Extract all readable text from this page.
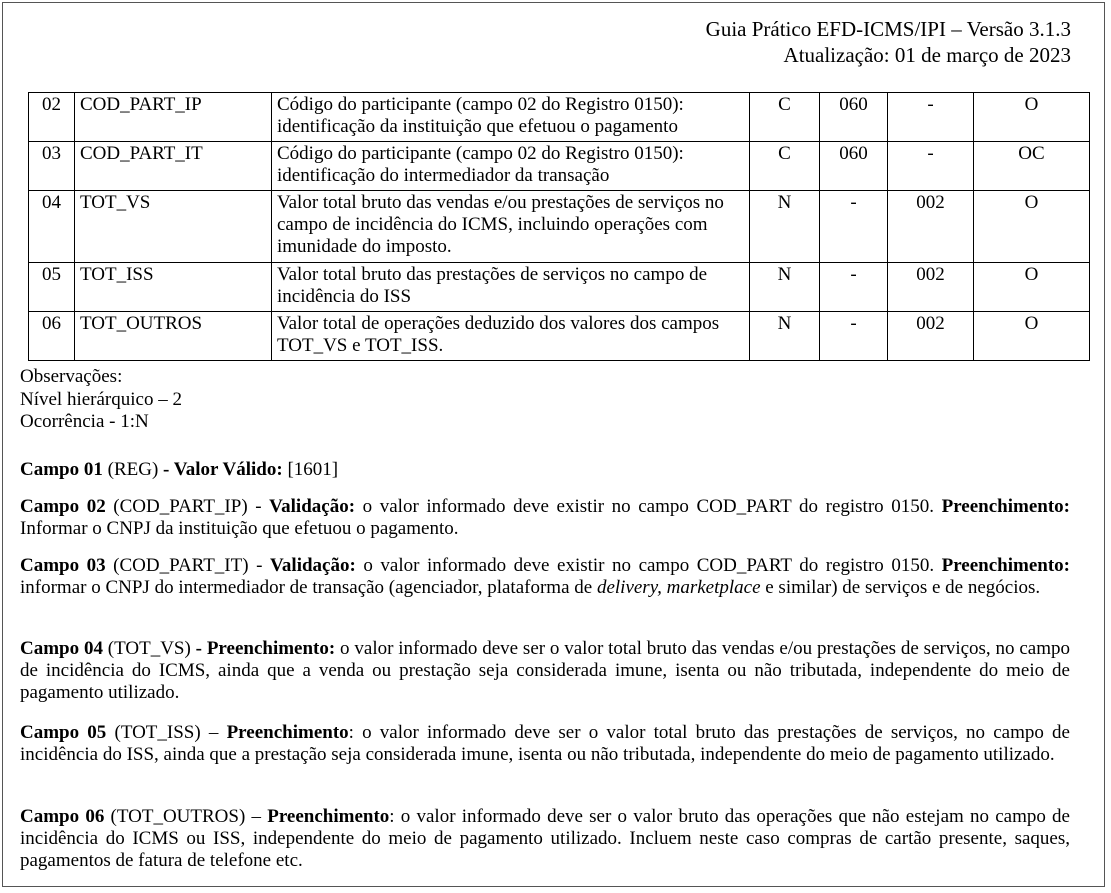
Guia Prático EFD-ICMS/IPI – Versão 3.1.3
Atualização: 01 de março de 2023
02	COD_PART_IP	Código do participante (campo 02 do Registro 0150): identificação da instituição que efetuou o pagamento	C	060	-	O
03	COD_PART_IT	Código do participante (campo 02 do Registro 0150): identificação do intermediador da transação	C	060	-	OC
04	TOT_VS	Valor total bruto das vendas e/ou prestações de serviços no campo de incidência do ICMS, incluindo operações com imunidade do imposto.	N	-	002	O
05	TOT_ISS	Valor total bruto das prestações de serviços no campo de incidência do ISS	N	-	002	O
06	TOT_OUTROS	Valor total de operações deduzido dos valores dos campos TOT_VS e TOT_ISS.	N	-	002	O
Observações:
Nível hierárquico – 2
Ocorrência - 1:N
Campo 01 (REG) - Valor Válido: [1601]
Campo 02 (COD_PART_IP) - Validação: o valor informado deve existir no campo COD_PART do registro 0150. Preenchimento: Informar o CNPJ da instituição que efetuou o pagamento.
Campo 03 (COD_PART_IT) - Validação: o valor informado deve existir no campo COD_PART do registro 0150. Preenchimento: informar o CNPJ do intermediador de transação (agenciador, plataforma de delivery, marketplace e similar) de serviços e de negócios.
Campo 04 (TOT_VS) - Preenchimento: o valor informado deve ser o valor total bruto das vendas e/ou prestações de serviços, no campo de incidência do ICMS, ainda que a venda ou prestação seja considerada imune, isenta ou não tributada, independente do meio de pagamento utilizado.
Campo 05 (TOT_ISS) – Preenchimento: o valor informado deve ser o valor total bruto das prestações de serviços, no campo de incidência do ISS, ainda que a prestação seja considerada imune, isenta ou não tributada, independente do meio de pagamento utilizado.
Campo 06 (TOT_OUTROS) – Preenchimento: o valor informado deve ser o valor bruto das operações que não estejam no campo de incidência do ICMS ou ISS, independente do meio de pagamento utilizado. Incluem neste caso compras de cartão presente, saques, pagamentos de fatura de telefone etc.
